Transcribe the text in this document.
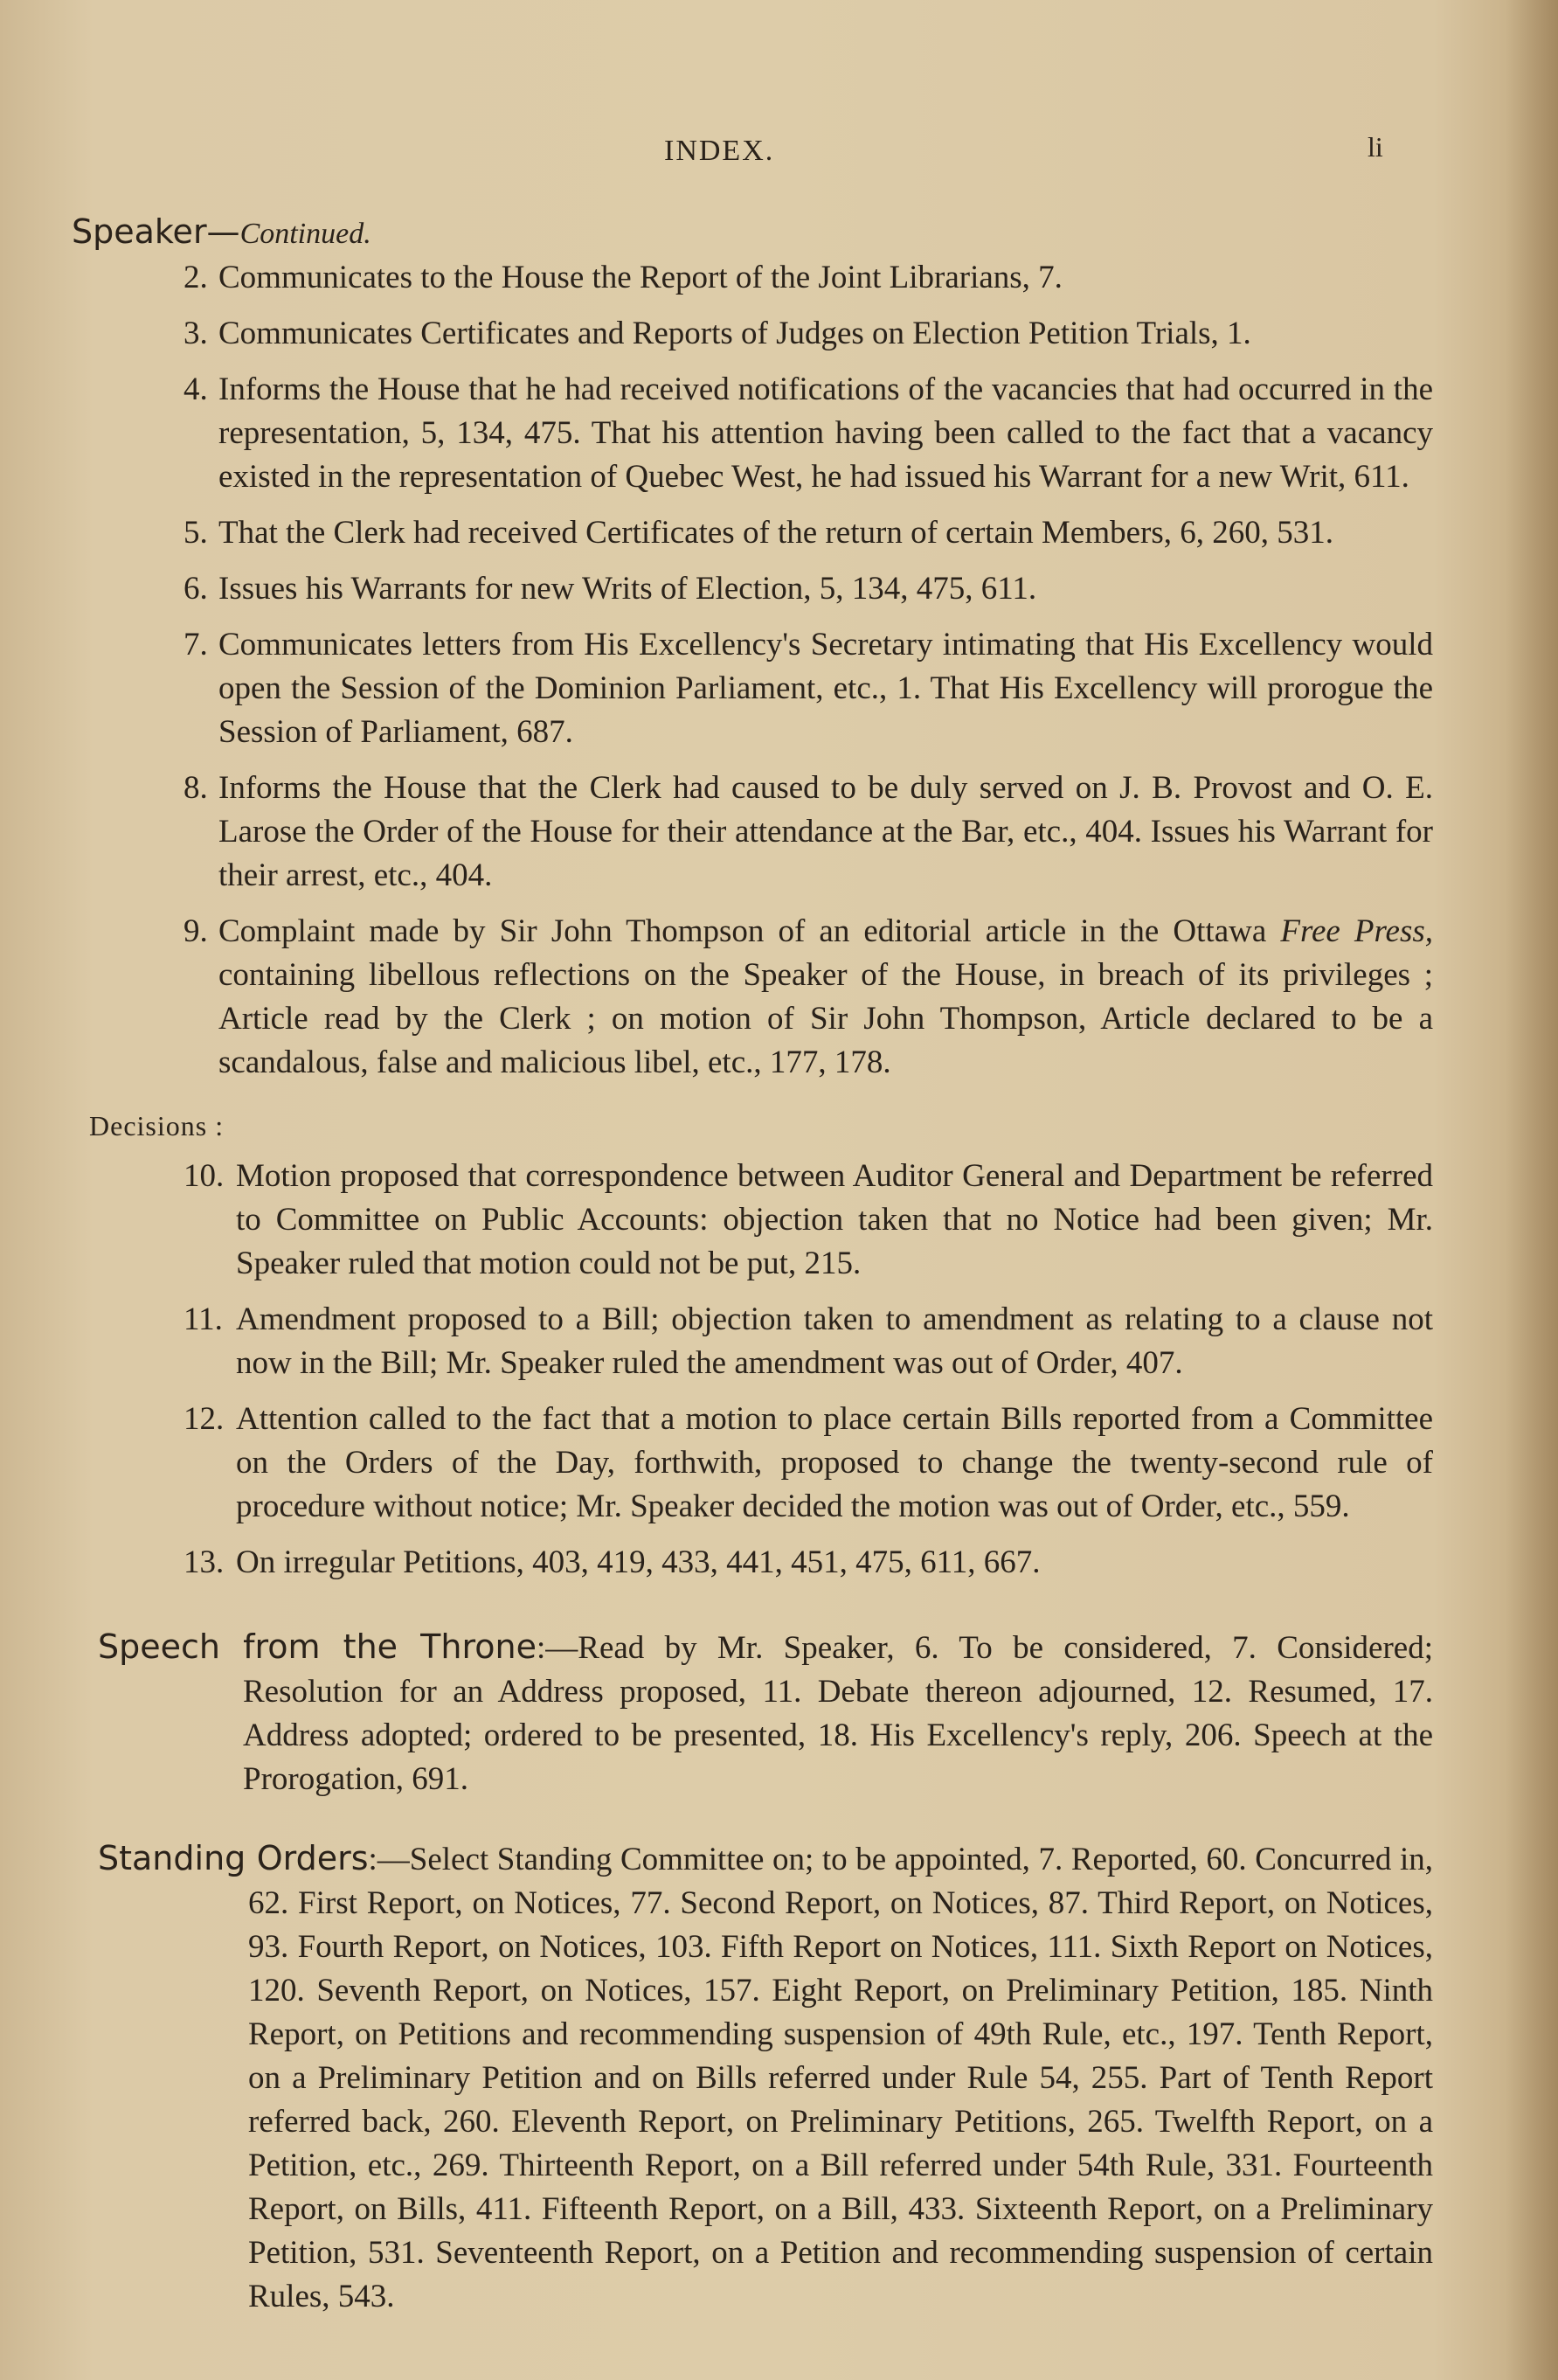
INDEX.	li
Speaker—Continued.
2. Communicates to the House the Report of the Joint Librarians, 7.
3. Communicates Certificates and Reports of Judges on Election Petition Trials, 1.
4. Informs the House that he had received notifications of the vacancies that had occurred in the representation, 5, 134, 475. That his attention having been called to the fact that a vacancy existed in the representation of Quebec West, he had issued his Warrant for a new Writ, 611.
5. That the Clerk had received Certificates of the return of certain Members, 6, 260, 531.
6. Issues his Warrants for new Writs of Election, 5, 134, 475, 611.
7. Communicates letters from His Excellency's Secretary intimating that His Excellency would open the Session of the Dominion Parliament, etc., 1. That His Excellency will prorogue the Session of Parliament, 687.
8. Informs the House that the Clerk had caused to be duly served on J. B. Provost and O. E. Larose the Order of the House for their attendance at the Bar, etc., 404. Issues his Warrant for their arrest, etc., 404.
9. Complaint made by Sir John Thompson of an editorial article in the Ottawa Free Press, containing libellous reflections on the Speaker of the House, in breach of its privileges ; Article read by the Clerk ; on motion of Sir John Thompson, Article declared to be a scandalous, false and malicious libel, etc., 177, 178.
Decisions :
10. Motion proposed that correspondence between Auditor General and Department be referred to Committee on Public Accounts: objection taken that no Notice had been given; Mr. Speaker ruled that motion could not be put, 215.
11. Amendment proposed to a Bill; objection taken to amendment as relating to a clause not now in the Bill; Mr. Speaker ruled the amendment was out of Order, 407.
12. Attention called to the fact that a motion to place certain Bills reported from a Committee on the Orders of the Day, forthwith, proposed to change the twenty-second rule of procedure without notice; Mr. Speaker decided the motion was out of Order, etc., 559.
13. On irregular Petitions, 403, 419, 433, 441, 451, 475, 611, 667.
Speech from the Throne:—Read by Mr. Speaker, 6. To be considered, 7. Considered; Resolution for an Address proposed, 11. Debate thereon adjourned, 12. Resumed, 17. Address adopted; ordered to be presented, 18. His Excellency's reply, 206. Speech at the Prorogation, 691.
Standing Orders:—Select Standing Committee on; to be appointed, 7. Reported, 60. Concurred in, 62. First Report, on Notices, 77. Second Report, on Notices, 87. Third Report, on Notices, 93. Fourth Report, on Notices, 103. Fifth Report on Notices, 111. Sixth Report on Notices, 120. Seventh Report, on Notices, 157. Eight Report, on Preliminary Petition, 185. Ninth Report, on Petitions and recommending suspension of 49th Rule, etc., 197. Tenth Report, on a Preliminary Petition and on Bills referred under Rule 54, 255. Part of Tenth Report referred back, 260. Eleventh Report, on Preliminary Petitions, 265. Twelfth Report, on a Petition, etc., 269. Thirteenth Report, on a Bill referred under 54th Rule, 331. Fourteenth Report, on Bills, 411. Fifteenth Report, on a Bill, 433. Sixteenth Report, on a Preliminary Petition, 531. Seventeenth Report, on a Petition and recommending suspension of certain Rules, 543.
